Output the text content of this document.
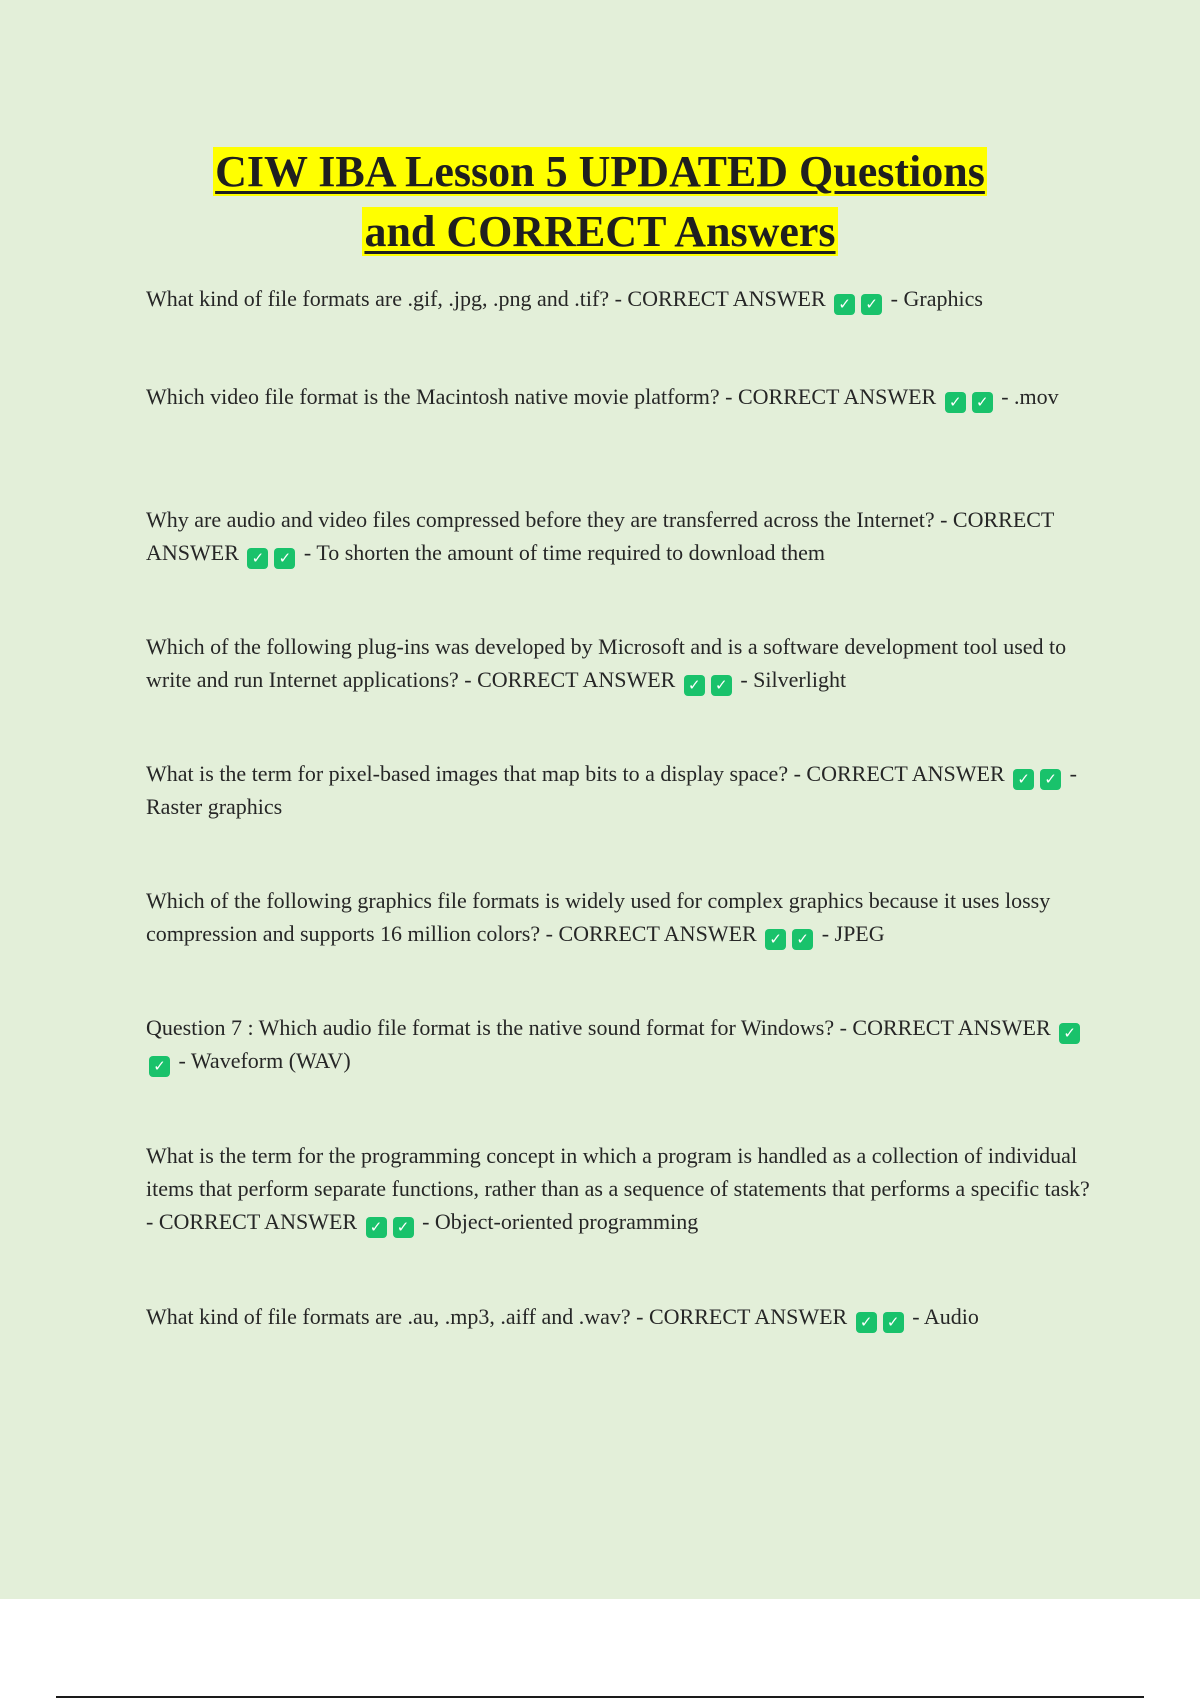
CIW IBA Lesson 5 UPDATED Questions
and CORRECT Answers

What kind of file formats are .gif, .jpg, .png and .tif? - CORRECT ANSWER ✓ ✓ - Graphics

Which video file format is the Macintosh native movie platform? - CORRECT ANSWER ✓ ✓ - .mov

Why are audio and video files compressed before they are transferred across the Internet? - CORRECT ANSWER ✓ ✓ - To shorten the amount of time required to download them

Which of the following plug-ins was developed by Microsoft and is a software development tool used to write and run Internet applications? - CORRECT ANSWER ✓ ✓ - Silverlight

What is the term for pixel-based images that map bits to a display space? - CORRECT ANSWER ✓ ✓ - Raster graphics

Which of the following graphics file formats is widely used for complex graphics because it uses lossy compression and supports 16 million colors? - CORRECT ANSWER ✓ ✓ - JPEG

Question 7 : Which audio file format is the native sound format for Windows? - CORRECT ANSWER ✓✓ - Waveform (WAV)

What is the term for the programming concept in which a program is handled as a collection of individual items that perform separate functions, rather than as a sequence of statements that performs a specific task? - CORRECT ANSWER ✓ ✓ - Object-oriented programming

What kind of file formats are .au, .mp3, .aiff and .wav? - CORRECT ANSWER ✓ ✓ - Audio
